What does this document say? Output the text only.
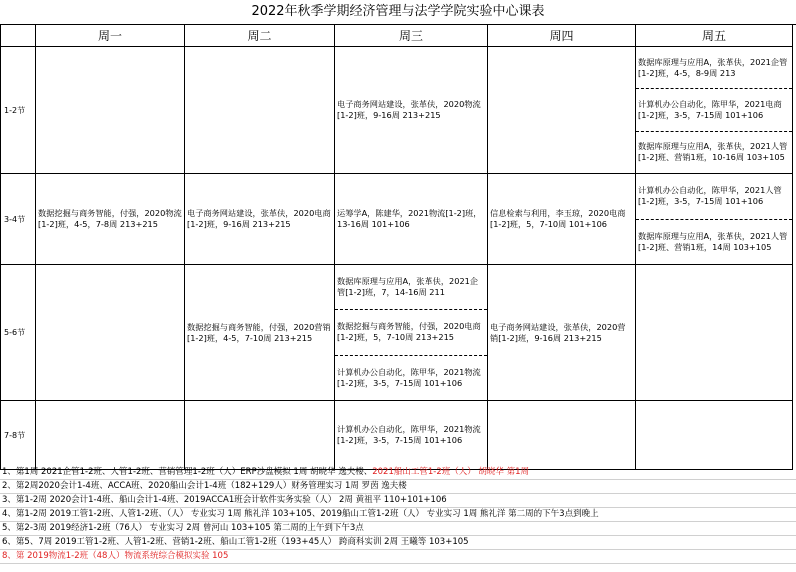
2022年秋季学期经济管理与法学学院实验中心课表
	周一	周二	周三	周四	周五
1-2节			电子商务网站建设，张革伕，2020物流[1-2]班，9-16周 213+215		数据库原理与应用A，张革伕，2021企管[1-2]班，4-5，8-9周 213
计算机办公自动化，陈甲华，2021电商[1-2]班，3-5，7-15周 101+106
数据库原理与应用A，张革伕，2021人管[1-2]班、营销1班，10-16周 103+105

3-4节	数据挖掘与商务智能，付强，2020物流[1-2]班，4-5，7-8周 213+215	电子商务网站建设，张革伕，2020电商[1-2]班，9-16周 213+215	运筹学A，陈建华，2021物流[1-2]班，13-16周 101+106	信息检索与利用，李玉琼，2020电商[1-2]班，5，7-10周 101+106	计算机办公自动化，陈甲华，2021人管[1-2]班，3-5，7-15周 101+106
数据库原理与应用A，张革伕，2021人管[1-2]班、营销1班，14周 103+105

5-6节		数据挖掘与商务智能，付强，2020营销[1-2]班，4-5，7-10周 213+215	数据库原理与应用A，张革伕，2021企管[1-2]班，7，14-16周 211
数据挖掘与商务智能，付强，2020电商[1-2]班，5，7-10周 213+215
计算机办公自动化，陈甲华，2021物流[1-2]班，3-5，7-15周 101+106	电子商务网站建设，张革伕，2020营销[1-2]班，9-16周 213+215	

7-8节			计算机办公自动化，陈甲华，2021物流[1-2]班，3-5，7-15周 101+106		

1、第1周 2021企管1-2班、人管1-2班、营销管理1-2班（人）ERP沙盘模拟 1周 胡晓华 逸夫楼、2021船山工管1-2班（人） 胡晓华 第1周
2、第2周2020会计1-4班、ACCA班、2020船山会计1-4班（182+129人）财务管理实习 1周 罗茵 逸夫楼
3、第1-2周 2020会计1-4班、船山会计1-4班、2019ACCA1班会计软件实务实验（人） 2周 黄祖平 110+101+106
4、第1-2周 2019工管1-2班、人管1-2班、（人） 专业实习 1周 熊礼洋 103+105、2019船山工管1-2班（人） 专业实习 1周 熊礼洋 第二周的下午3点到晚上
5、第2-3周 2019经济1-2班（76人） 专业实习 2周 曾河山 103+105 第二周的上午到下午3点
6、第5、7周 2019工管1-2班、人管1-2班、营销1-2班、船山工管1-2班（193+45人） 跨商科实训 2周 王曦等 103+105
8、第 2019物流1-2班（48人）物流系统综合模拟实验 105
